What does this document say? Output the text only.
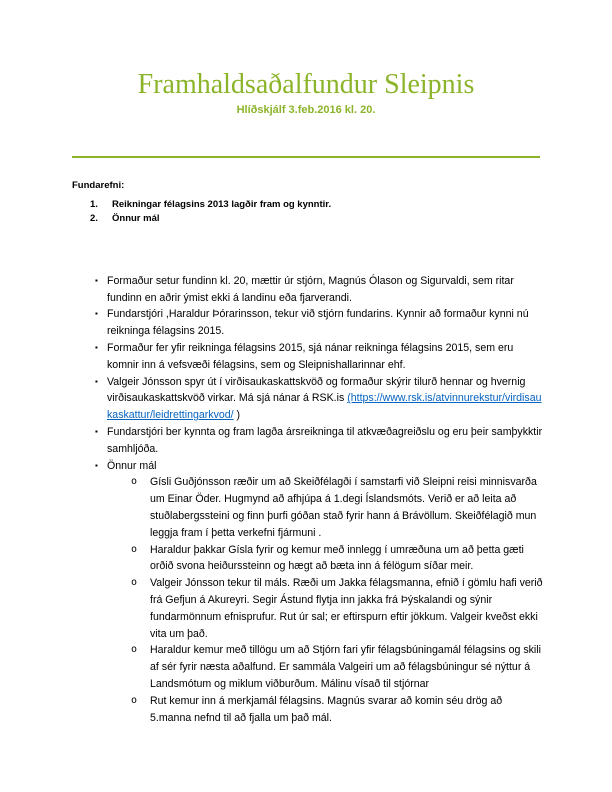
Framhaldsaðalfundur Sleipnis
Hlíðskjálf 3.feb.2016 kl. 20.
Fundarefni:
1.	Reikningar félagsins 2013 lagðir fram og kynntir.
2.	Önnur mál
▪ Formaður setur fundinn kl. 20, mættir úr stjórn, Magnús Ólason og Sigurvaldi, sem ritar fundinn en aðrir ýmist ekki á landinu eða fjarverandi.
▪ Fundarstjóri ,Haraldur Þórarinsson, tekur við stjórn fundarins. Kynnir að formaður kynni nú reikninga félagsins 2015.
▪ Formaður fer yfir reikninga félagsins 2015, sjá nánar reikninga félagsins 2015, sem eru komnir inn á vefsvæði félagsins, sem og Sleipnishallarinnar ehf.
▪ Valgeir Jónsson spyr út í virðisaukaskattskvöð og formaður skýrir tilurð hennar og hvernig virðisaukaskattskvöð virkar. Má sjá nánar á RSK.is (https://www.rsk.is/atvinnurekstur/virdisaukaskattur/leidrettingarkvod/ )
▪ Fundarstjóri ber kynnta og fram lagða ársreikninga til atkvæðagreiðslu og eru þeir samþykktir samhljóða.
▪ Önnur mál
o	Gísli Guðjónsson ræðir um að Skeiðfélagði í samstarfi við Sleipni reisi minnisvarða um Einar Öder. Hugmynd að afhjúpa á 1.degi Íslandsmóts. Verið er að leita að stuðlabergssteini og finn þurfi góðan stað fyrir hann á Brávöllum. Skeiðfélagið mun leggja fram í þetta verkefni fjármuni .
o	Haraldur þakkar Gísla fyrir og kemur með innlegg í umræðuna um að þetta gæti orðið svona heiðurssteinn og hægt að bæta inn á félögum síðar meir.
o	Valgeir Jónsson tekur til máls. Ræði um Jakka félagsmanna, efnið í gömlu hafi verið frá Gefjun á Akureyri. Segir Ástund flytja inn jakka frá Þýskalandi og sýnir fundarmönnum efnisprufur. Rut úr sal; er eftirspurn eftir jökkum. Valgeir kveðst ekki vita um það.
o	Haraldur kemur með tillögu um að Stjórn fari yfir félagsbúningamál félagsins og skili af sér fyrir næsta aðalfund. Er sammála Valgeiri um að félagsbúningur sé nýttur á Landsmótum og miklum viðburðum. Málinu vísað til stjórnar
o	Rut kemur inn á merkjamál félagsins. Magnús svarar að komin séu drög að 5.manna nefnd til að fjalla um það mál.
